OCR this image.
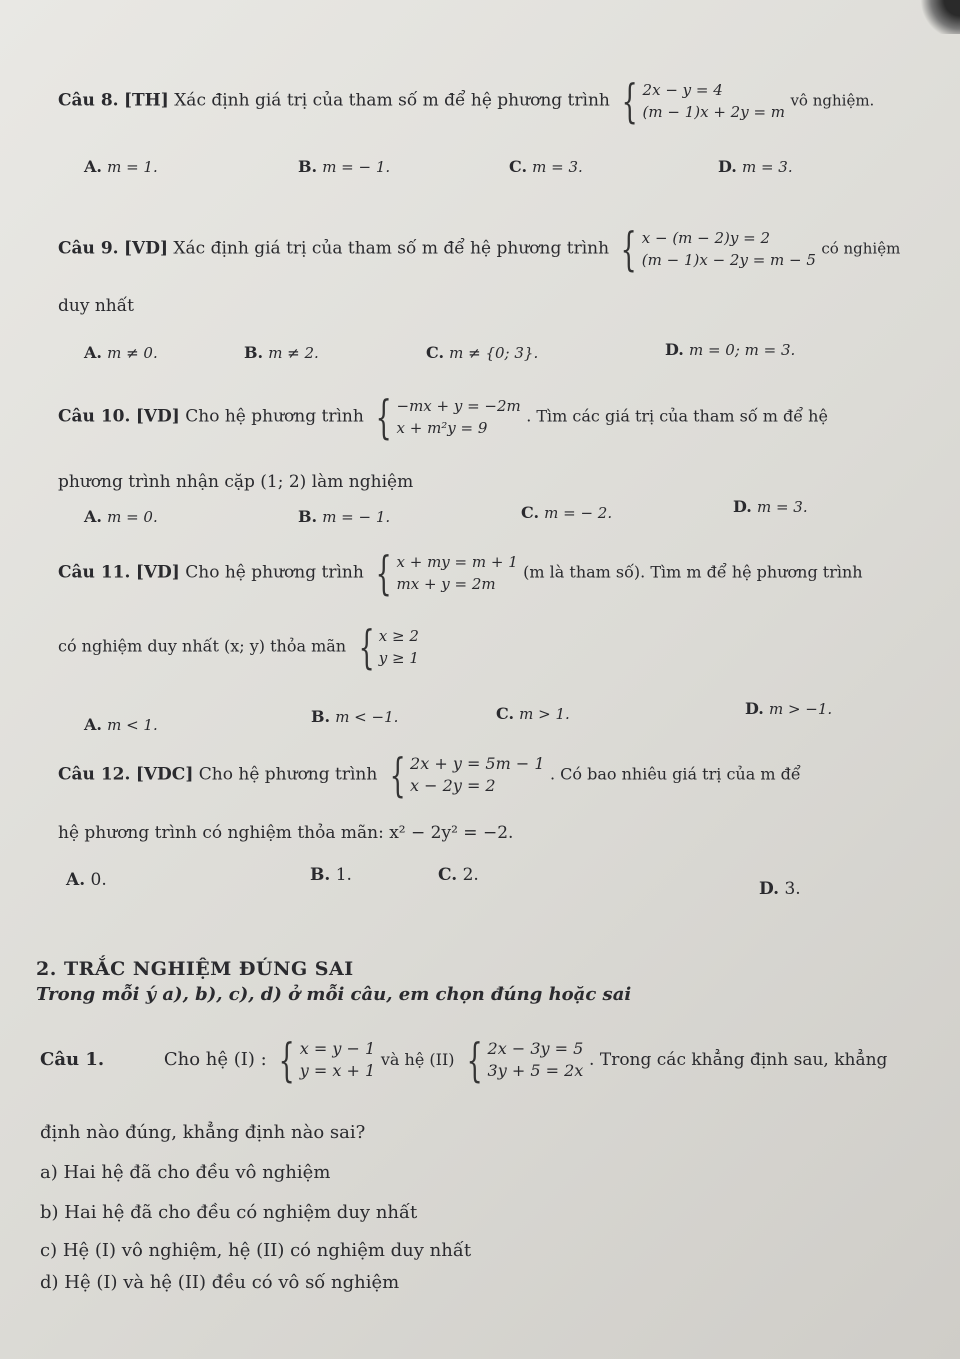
Câu 8. [TH] Xác định giá trị của tham số m để hệ phương trình { 2x − y = 4
(m − 1)x + 2y = m
vô nghiệm.
A. m = 1.	B. m = − 1.	C. m = 3.	D. m = 3.
Câu 9. [VD] Xác định giá trị của tham số m để hệ phương trình { x − (m − 2)y = 2
(m − 1)x − 2y = m − 5
có nghiệm
duy nhất
A. m ≠ 0.	B. m ≠ 2.	C. m ≠ {0; 3}.	D. m = 0; m = 3.
Câu 10. [VD] Cho hệ phương trình { −mx + y = −2m
x + m²y = 9
. Tìm các giá trị của tham số m để hệ
phương trình nhận cặp (1; 2) làm nghiệm
A. m = 0.	B. m = − 1.	C. m = − 2.	D. m = 3.
Câu 11. [VD] Cho hệ phương trình { x + my = m + 1
mx + y = 2m
(m là tham số). Tìm m để hệ phương trình
có nghiệm duy nhất (x; y) thỏa mãn { x ≥ 2
y ≥ 1
A. m < 1.	B. m < −1.	C. m > 1.	D. m > −1.
Câu 12. [VDC] Cho hệ phương trình { 2x + y = 5m − 1
x − 2y = 2
. Có bao nhiêu giá trị của m để
hệ phương trình có nghiệm thỏa mãn: x² − 2y² = −2.
A. 0.	B. 1.	C. 2.
D. 3.
2. TRẮC NGHIỆM ĐÚNG SAI
Trong mỗi ý a), b), c), d) ở mỗi câu, em chọn đúng hoặc sai
Câu 1.	Cho hệ (I) : { x = y − 1
y = x + 1
và hệ (II) { 2x − 3y = 5
3y + 5 = 2x
. Trong các khẳng định sau, khẳng
định nào đúng, khẳng định nào sai?
a) Hai hệ đã cho đều vô nghiệm
b) Hai hệ đã cho đều có nghiệm duy nhất
c) Hệ (I) vô nghiệm, hệ (II) có nghiệm duy nhất
d) Hệ (I) và hệ (II) đều có vô số nghiệm
